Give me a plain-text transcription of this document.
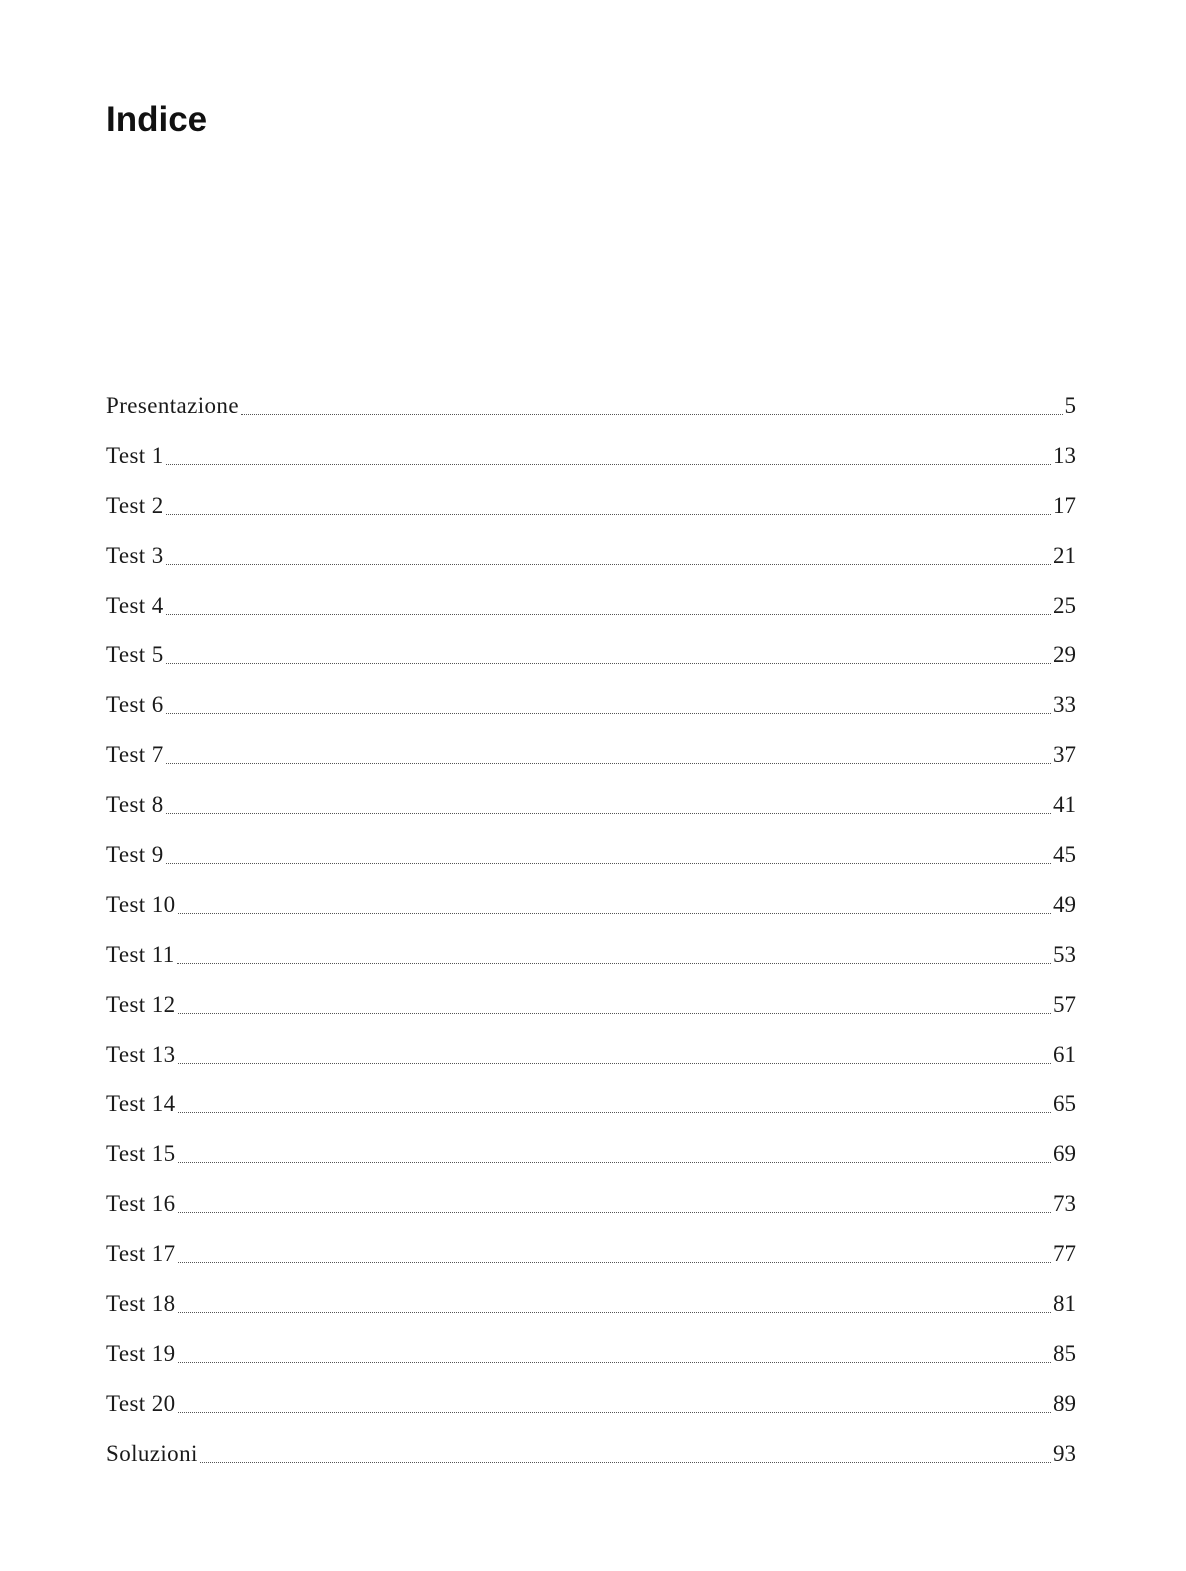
Indice
Presentazione	5
Test 1	13
Test 2	17
Test 3	21
Test 4	25
Test 5	29
Test 6	33
Test 7	37
Test 8	41
Test 9	45
Test 10	49
Test 11	53
Test 12	57
Test 13	61
Test 14	65
Test 15	69
Test 16	73
Test 17	77
Test 18	81
Test 19	85
Test 20	89
Soluzioni	93
